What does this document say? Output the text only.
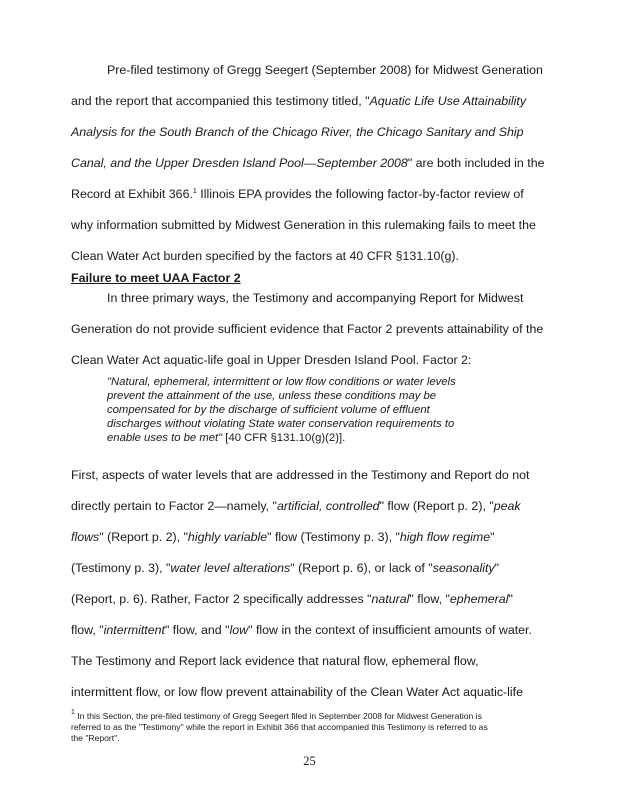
Pre-filed testimony of Gregg Seegert (September 2008) for Midwest Generation
and the report that accompanied this testimony titled, "Aquatic Life Use Attainability
Analysis for the South Branch of the Chicago River, the Chicago Sanitary and Ship
Canal, and the Upper Dresden Island Pool—September 2008" are both included in the
Record at Exhibit 366.$^1$ Illinois EPA provides the following factor-by-factor review of
why information submitted by Midwest Generation in this rulemaking fails to meet the
Clean Water Act burden specified by the factors at 40 CFR §131.10(g).
Failure to meet UAA Factor 2
In three primary ways, the Testimony and accompanying Report for Midwest
Generation do not provide sufficient evidence that Factor 2 prevents attainability of the
Clean Water Act aquatic-life goal in Upper Dresden Island Pool. Factor 2:
"Natural, ephemeral, intermittent or low flow conditions or water levels
prevent the attainment of the use, unless these conditions may be
compensated for by the discharge of sufficient volume of effluent
discharges without violating State water conservation requirements to
enable uses to be met" [40 CFR §131.10(g)(2)].
First, aspects of water levels that are addressed in the Testimony and Report do not
directly pertain to Factor 2—namely, "artificial, controlled" flow (Report p. 2), "peak
flows" (Report p. 2), "highly variable" flow (Testimony p. 3), "high flow regime"
(Testimony p. 3), "water level alterations" (Report p. 6), or lack of "seasonality"
(Report, p. 6). Rather, Factor 2 specifically addresses "natural" flow, "ephemeral"
flow, "intermittent" flow, and "low" flow in the context of insufficient amounts of water.
The Testimony and Report lack evidence that natural flow, ephemeral flow,
intermittent flow, or low flow prevent attainability of the Clean Water Act aquatic-life
$^1$ In this Section, the pre-filed testimony of Gregg Seegert filed in September 2008 for Midwest Generation is
referred to as the "Testimony" while the report in Exhibit 366 that accompanied this Testimony is referred to as
the "Report".
25
